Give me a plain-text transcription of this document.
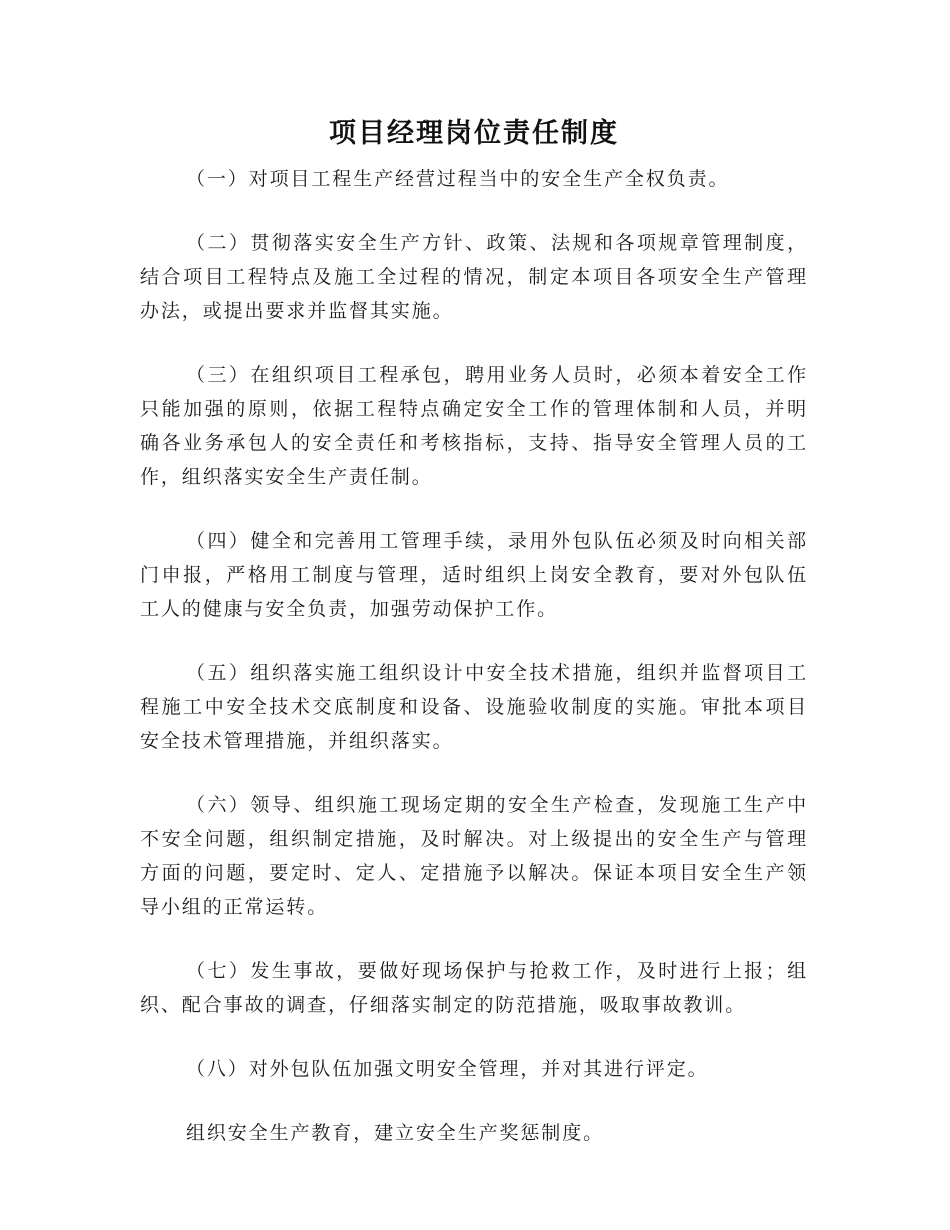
项目经理岗位责任制度

（一）对项目工程生产经营过程当中的安全生产全权负责。

（二）贯彻落实安全生产方针、政策、法规和各项规章管理制度，结合项目工程特点及施工全过程的情况，制定本项目各项安全生产管理办法，或提出要求并监督其实施。

（三）在组织项目工程承包，聘用业务人员时，必须本着安全工作只能加强的原则，依据工程特点确定安全工作的管理体制和人员，并明确各业务承包人的安全责任和考核指标，支持、指导安全管理人员的工作，组织落实安全生产责任制。

（四）健全和完善用工管理手续，录用外包队伍必须及时向相关部门申报，严格用工制度与管理，适时组织上岗安全教育，要对外包队伍工人的健康与安全负责，加强劳动保护工作。

（五）组织落实施工组织设计中安全技术措施，组织并监督项目工程施工中安全技术交底制度和设备、设施验收制度的实施。审批本项目安全技术管理措施，并组织落实。

（六）领导、组织施工现场定期的安全生产检查，发现施工生产中不安全问题，组织制定措施，及时解决。对上级提出的安全生产与管理方面的问题，要定时、定人、定措施予以解决。保证本项目安全生产领导小组的正常运转。

（七）发生事故，要做好现场保护与抢救工作，及时进行上报；组织、配合事故的调查，仔细落实制定的防范措施，吸取事故教训。

（八）对外包队伍加强文明安全管理，并对其进行评定。

组织安全生产教育，建立安全生产奖惩制度。
